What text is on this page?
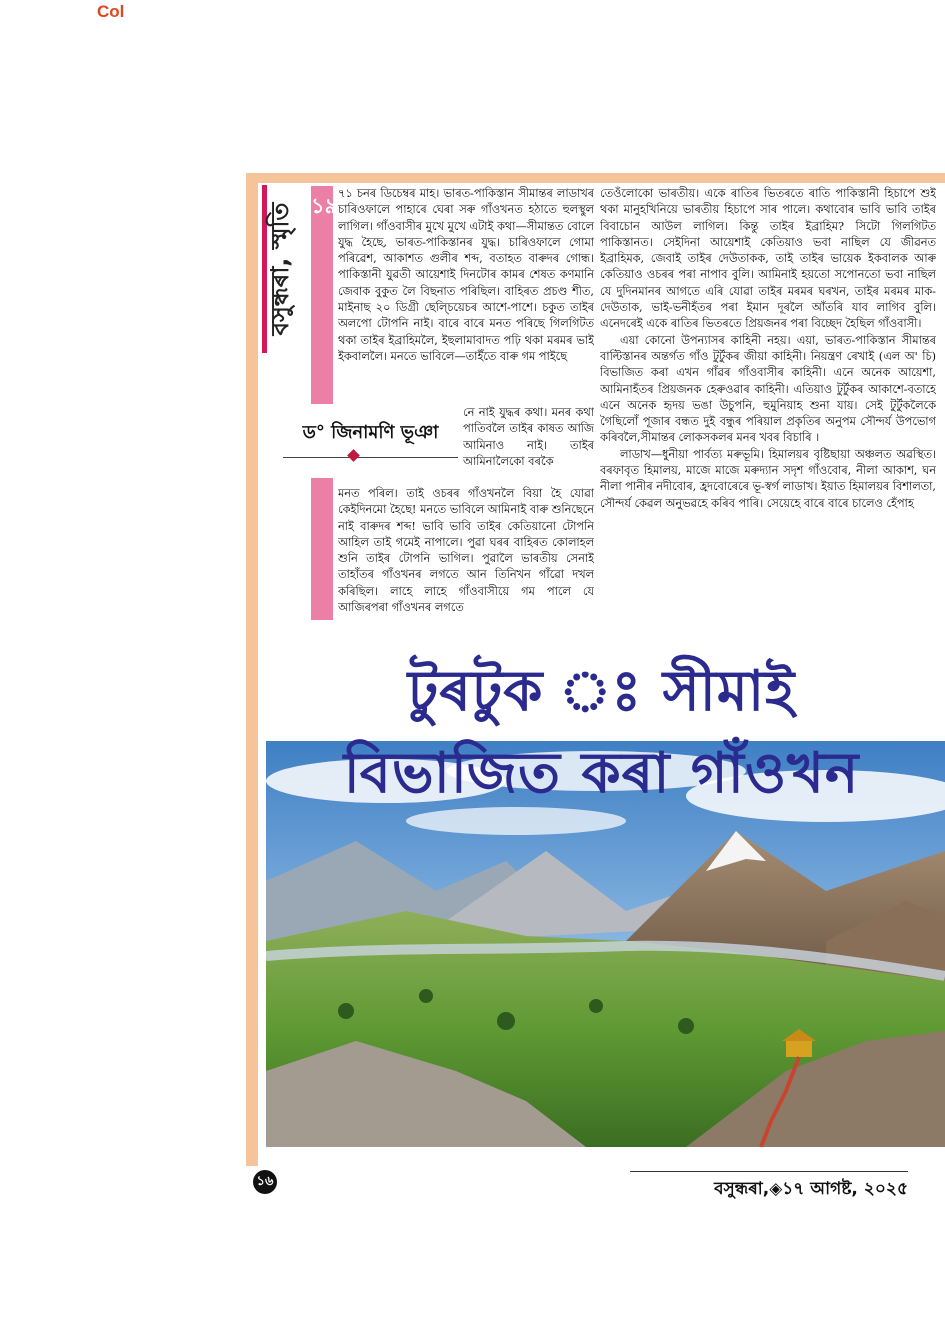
Col
বসুন্ধৰা, স্মৃতি ১৯

৭১ চনৰ ডিচেম্বৰ মাহ। ভাৰত-পাকিস্তান সীমান্তৰ লাডাখৰ চাৰিওফালে পাহাৰে ঘেৰা সৰু গাঁওখনত হঠাতে হুলস্থুল লাগিল। গাঁওবাসীৰ মুখে মুখে এটাই কথা—সীমান্তত বোলে যুদ্ধ হৈছে, ভাৰত-পাকিস্তানৰ যুদ্ধ। চাৰিওফালে গোমা পৰিৱেশ, আকাশত গুলীৰ শব্দ, বতাহত বাৰুদৰ গোন্ধ। পাকিস্তানী যুৱতী আয়েশাই দিনটোৰ কামৰ শেষত কণমানি জেবাক বুকুত লৈ বিছনাত পৰিছিল। বাহিৰত প্ৰচণ্ড শীত, মাইনাছ ২০ ডিগ্ৰী ছেল্চিয়েচৰ আশে-পাশে। চকুত তাইৰ অলপো টোপনি নাই। বাৰে বাৰে মনত পৰিছে গিলগিটত থকা তাইৰ ইব্ৰাহিমলৈ, ইছলামাবাদত পঢ়ি থকা মৰমৰ ভাই ইকবাললৈ। মনতে ভাবিলে—তাইঁতে বাৰু গম পাইছে

ড° জিনামণি ভূঞা

নে নাই যুদ্ধৰ কথা। মনৰ কথা পাতিবলৈ তাইৰ কাষত আজি আমিনাও নাই। তাইৰ আমিনালৈকো বৰকৈ

মনত পৰিল। তাই ওচৰৰ গাঁওখনলৈ বিয়া হৈ যোৱা কেইদিনমো হৈছে! মনতে ভাবিলে আমিনাই বাৰু শুনিছেনে নাই বাৰুদৰ শব্দ! ভাবি ভাবি তাইৰ কেতিয়ানো টোপনি আহিল তাই গমেই নাপালে। পুৱা ঘৰৰ বাহিৰত কোলাহল শুনি তাইৰ টোপনি ভাগিল। পুৱালৈ ভাৰতীয় সেনাই তাহাঁতৰ গাঁওখনৰ লগতে আন তিনিখন গাঁৱো দখল কৰিছিল। লাহে লাহে গাঁওবাসীয়ে গম পালে যে আজিৰপৰা গাঁওখনৰ লগতে

তেওঁলোকো ভাৰতীয়। একে ৰাতিৰ ভিতৰতে ৰাতি পাকিস্তানী হিচাপে শুই থকা মানুহখিনিয়ে ভাৰতীয় হিচাপে সাৰ পালে। কথাবোৰ ভাবি ভাবি তাইৰ বিবাচোন আউল লাগিল। কিন্তু তাইৰ ইব্ৰাহিম? সিটো গিলগিটত পাকিস্তানত। সেইদিনা আয়েশাই কেতিয়াও ভবা নাছিল যে জীৱনত ইব্ৰাহিমক, জেবাই তাইৰ দেউতাকক, তাই তাইৰ ভায়েক ইকবালক আৰু কেতিয়াও ওচৰৰ পৰা নাপাব বুলি। আমিনাই হয়তো সপোনতো ভবা নাছিল যে দুদিনমানৰ আগতে এৰি যোৱা তাইৰ মৰমৰ ঘৰখন, তাইৰ মৰমৰ মাক-দেউতাক, ভাই-ভনীহঁতৰ পৰা ইমান দূৰলৈ আঁতৰি যাব লাগিব বুলি। এনেদৰেই একে ৰাতিৰ ভিতৰতে প্ৰিয়জনৰ পৰা বিচ্ছেদ হৈছিল গাঁওবাসী।

এয়া কোনো উপন্যাসৰ কাহিনী নহয়। এয়া, ভাৰত-পাকিস্তান সীমান্তৰ বাল্টিস্তানৰ অন্তৰ্গত গাঁও টুৰ্টুকৰ জীয়া কাহিনী। নিয়ন্ত্ৰণ ৰেখাই (এল অ' চি) বিভাজিত কৰা এখন গাঁৱৰ গাঁওবাসীৰ কাহিনী। এনে অনেক আয়েশা, আমিনাহঁতৰ প্ৰিয়জনক হেৰুওৱাৰ কাহিনী। এতিয়াও টুৰ্টুকৰ আকাশে-বতাহে এনে অনেক হৃদয় ভঙা উচুপনি, হুমুনিয়াহ শুনা যায়। সেই টুৰ্টুকলৈকে গৈছিলোঁ পূজাৰ বন্ধত দুই বন্ধুৰ পৰিয়াল প্ৰকৃতিৰ অনুপম সৌন্দৰ্য উপভোগ কৰিবলৈ,সীমান্তৰ লোকসকলৰ মনৰ খবৰ বিচাৰি ।

লাডাখ—ধুনীয়া পাৰ্বত্য মৰুভূমি। হিমালয়ৰ বৃষ্টিছায়া অঞ্চলত অৱস্থিত। বৰফাবৃত হিমালয়, মাজে মাজে মৰুদ্যান সদৃশ গাঁওবোৰ, নীলা আকাশ, ঘন নীলা পানীৰ নদীবোৰ, হ্ৰদবোৰেৰে ভূ-স্বৰ্গ লাডাখ। ইয়াত হিমালয়ৰ বিশালতা, সৌন্দৰ্য কেৱল অনুভৱহে কৰিব পাৰি। সেয়েহে বাৰে বাৰে চালেও হেঁপাহ

টুৰটুক ঃ সীমাই
বিভাজিত কৰা গাঁওখন
১৬	বসুন্ধৰা,◈১৭ আগষ্ট, ২০২৫
